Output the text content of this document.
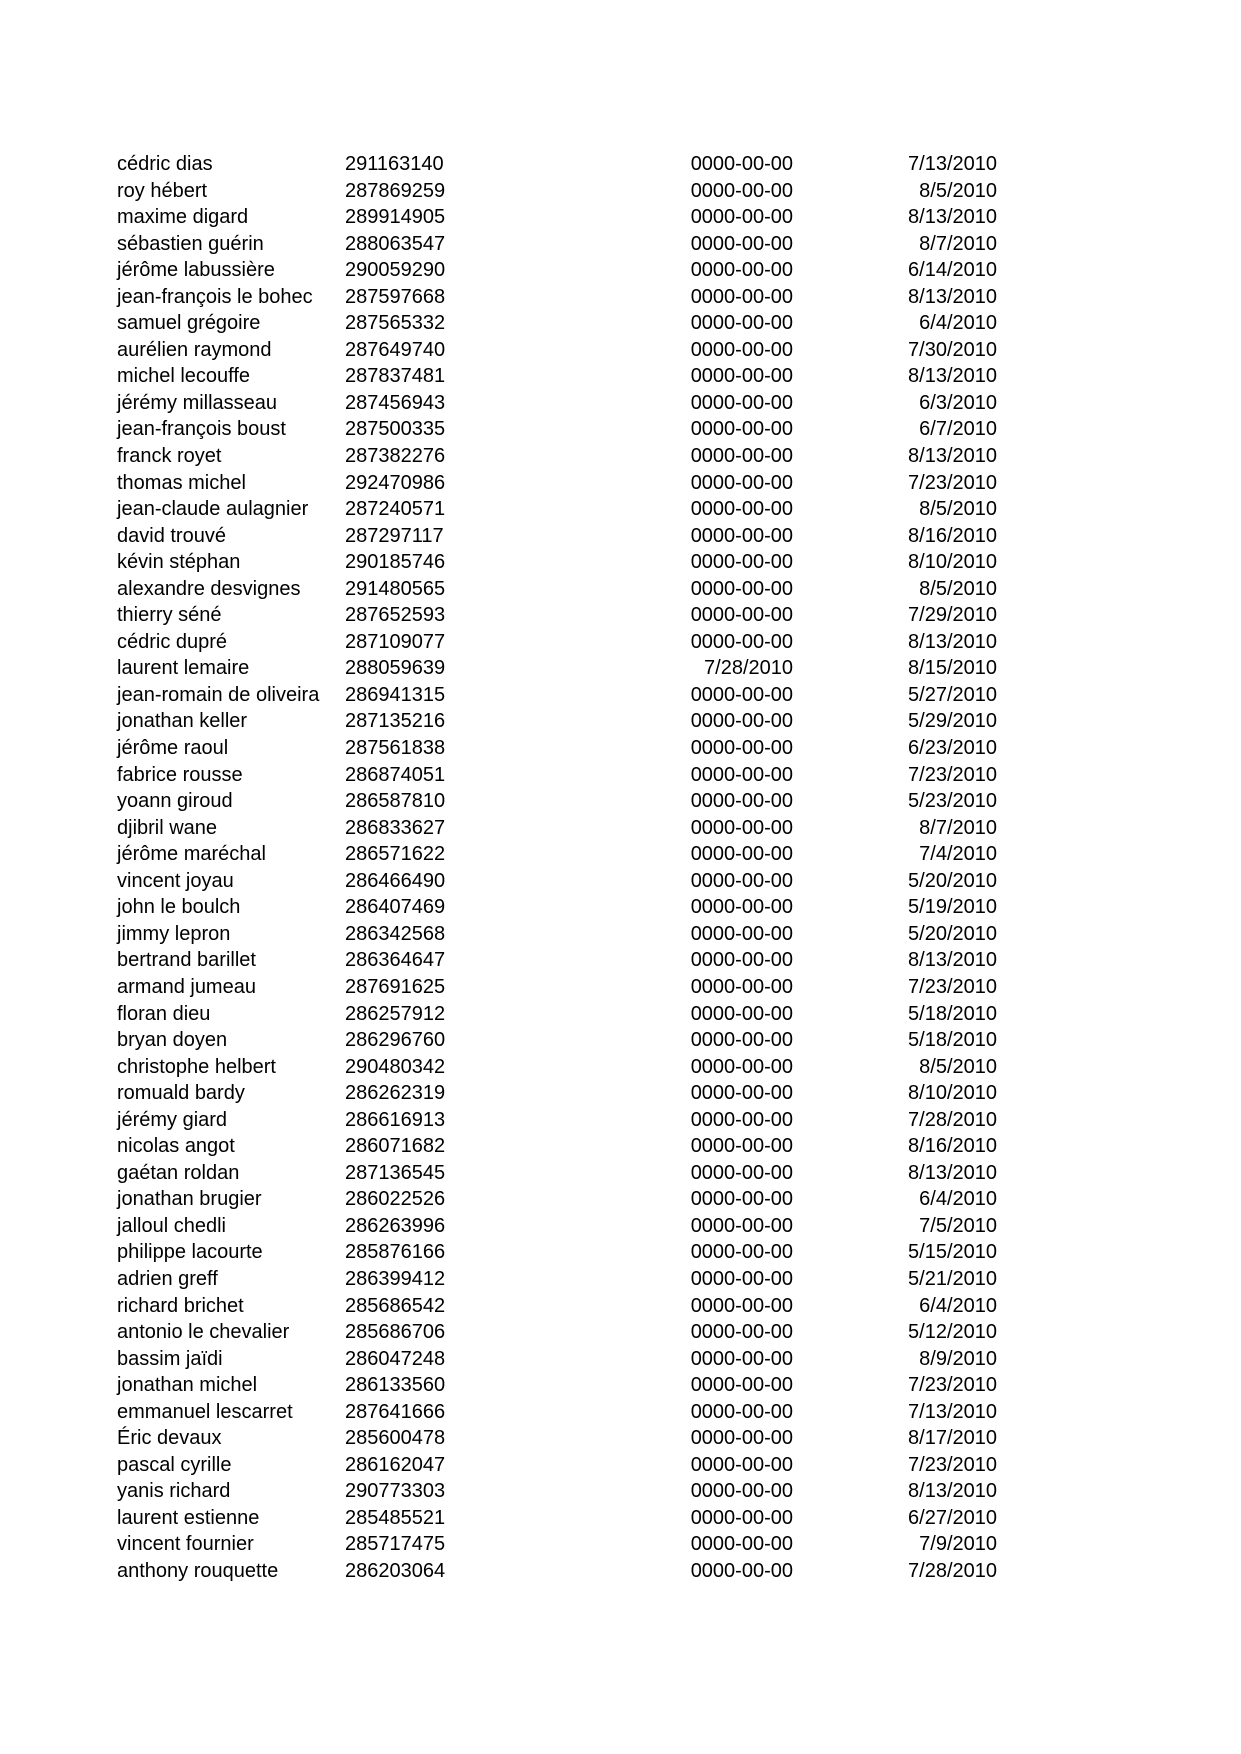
cédric dias	291163140	0000-00-00	7/13/2010
roy hébert	287869259	0000-00-00	8/5/2010
maxime digard	289914905	0000-00-00	8/13/2010
sébastien guérin	288063547	0000-00-00	8/7/2010
jérôme labussière	290059290	0000-00-00	6/14/2010
jean-françois le bohec	287597668	0000-00-00	8/13/2010
samuel grégoire	287565332	0000-00-00	6/4/2010
aurélien raymond	287649740	0000-00-00	7/30/2010
michel lecouffe	287837481	0000-00-00	8/13/2010
jérémy millasseau	287456943	0000-00-00	6/3/2010
jean-françois boust	287500335	0000-00-00	6/7/2010
franck royet	287382276	0000-00-00	8/13/2010
thomas michel	292470986	0000-00-00	7/23/2010
jean-claude aulagnier	287240571	0000-00-00	8/5/2010
david trouvé	287297117	0000-00-00	8/16/2010
kévin stéphan	290185746	0000-00-00	8/10/2010
alexandre desvignes	291480565	0000-00-00	8/5/2010
thierry séné	287652593	0000-00-00	7/29/2010
cédric dupré	287109077	0000-00-00	8/13/2010
laurent lemaire	288059639	7/28/2010	8/15/2010
jean-romain de oliveira	286941315	0000-00-00	5/27/2010
jonathan keller	287135216	0000-00-00	5/29/2010
jérôme raoul	287561838	0000-00-00	6/23/2010
fabrice rousse	286874051	0000-00-00	7/23/2010
yoann giroud	286587810	0000-00-00	5/23/2010
djibril wane	286833627	0000-00-00	8/7/2010
jérôme maréchal	286571622	0000-00-00	7/4/2010
vincent joyau	286466490	0000-00-00	5/20/2010
john le boulch	286407469	0000-00-00	5/19/2010
jimmy lepron	286342568	0000-00-00	5/20/2010
bertrand barillet	286364647	0000-00-00	8/13/2010
armand jumeau	287691625	0000-00-00	7/23/2010
floran dieu	286257912	0000-00-00	5/18/2010
bryan doyen	286296760	0000-00-00	5/18/2010
christophe helbert	290480342	0000-00-00	8/5/2010
romuald bardy	286262319	0000-00-00	8/10/2010
jérémy giard	286616913	0000-00-00	7/28/2010
nicolas angot	286071682	0000-00-00	8/16/2010
gaétan roldan	287136545	0000-00-00	8/13/2010
jonathan brugier	286022526	0000-00-00	6/4/2010
jalloul chedli	286263996	0000-00-00	7/5/2010
philippe lacourte	285876166	0000-00-00	5/15/2010
adrien greff	286399412	0000-00-00	5/21/2010
richard brichet	285686542	0000-00-00	6/4/2010
antonio le chevalier	285686706	0000-00-00	5/12/2010
bassim jaïdi	286047248	0000-00-00	8/9/2010
jonathan michel	286133560	0000-00-00	7/23/2010
emmanuel lescarret	287641666	0000-00-00	7/13/2010
Éric devaux	285600478	0000-00-00	8/17/2010
pascal cyrille	286162047	0000-00-00	7/23/2010
yanis richard	290773303	0000-00-00	8/13/2010
laurent estienne	285485521	0000-00-00	6/27/2010
vincent fournier	285717475	0000-00-00	7/9/2010
anthony rouquette	286203064	0000-00-00	7/28/2010
